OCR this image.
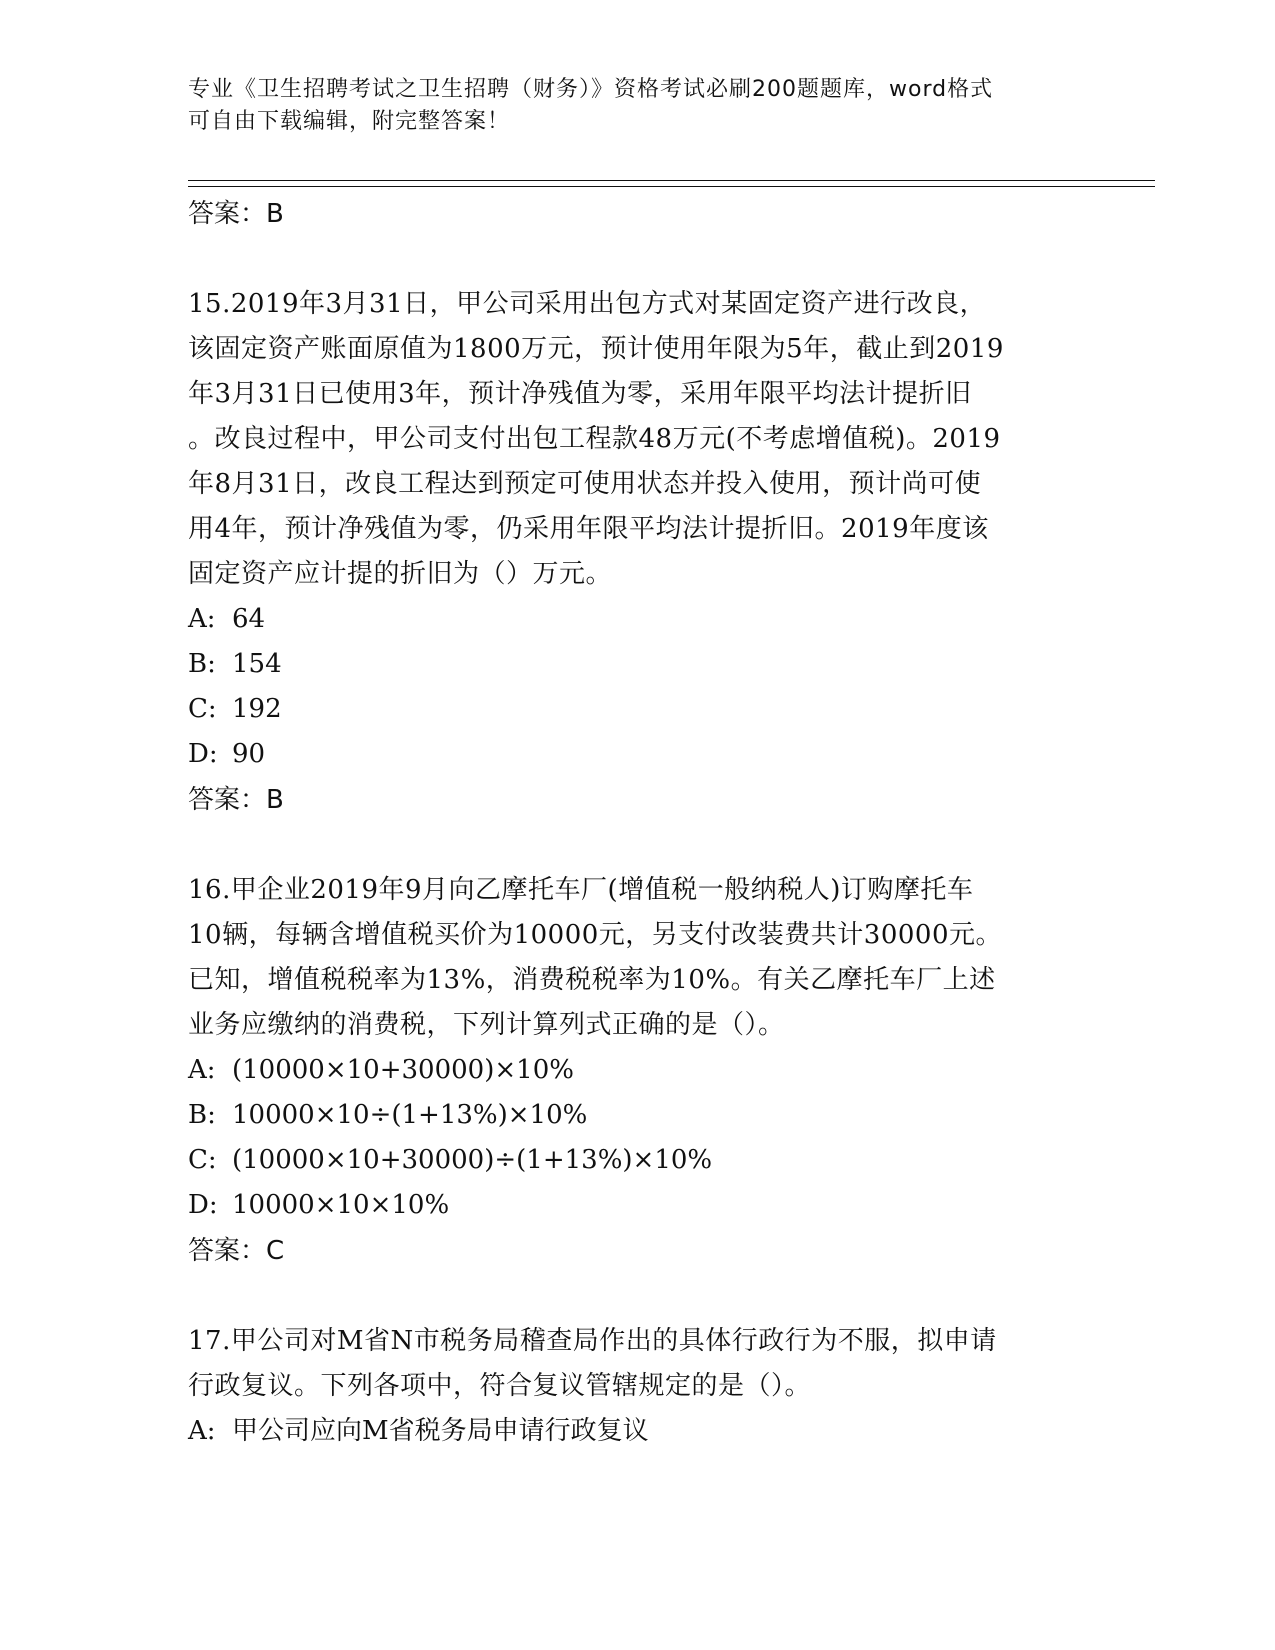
专业《卫生招聘考试之卫生招聘（财务）》资格考试必刷200题题库，word格式
可自由下载编辑，附完整答案！
答案：B
15.2019年3月31日，甲公司采用出包方式对某固定资产进行改良，
该固定资产账面原值为1800万元，预计使用年限为5年，截止到2019
年3月31日已使用3年，预计净残值为零，采用年限平均法计提折旧
。改良过程中，甲公司支付出包工程款48万元(不考虑增值税)。2019
年8月31日，改良工程达到预定可使用状态并投入使用，预计尚可使
用4年，预计净残值为零，仍采用年限平均法计提折旧。2019年度该
固定资产应计提的折旧为（）万元。
A: 64
B: 154
C: 192
D: 90
答案：B
16.甲企业2019年9月向乙摩托车厂(增值税一般纳税人)订购摩托车
10辆，每辆含增值税买价为10000元，另支付改装费共计30000元。
已知，增值税税率为13%，消费税税率为10%。有关乙摩托车厂上述
业务应缴纳的消费税，下列计算列式正确的是（）。
A: (10000×10+30000)×10%
B: 10000×10÷(1+13%)×10%
C: (10000×10+30000)÷(1+13%)×10%
D: 10000×10×10%
答案：C
17.甲公司对M省N市税务局稽查局作出的具体行政行为不服，拟申请
行政复议。下列各项中，符合复议管辖规定的是（）。
A: 甲公司应向M省税务局申请行政复议
